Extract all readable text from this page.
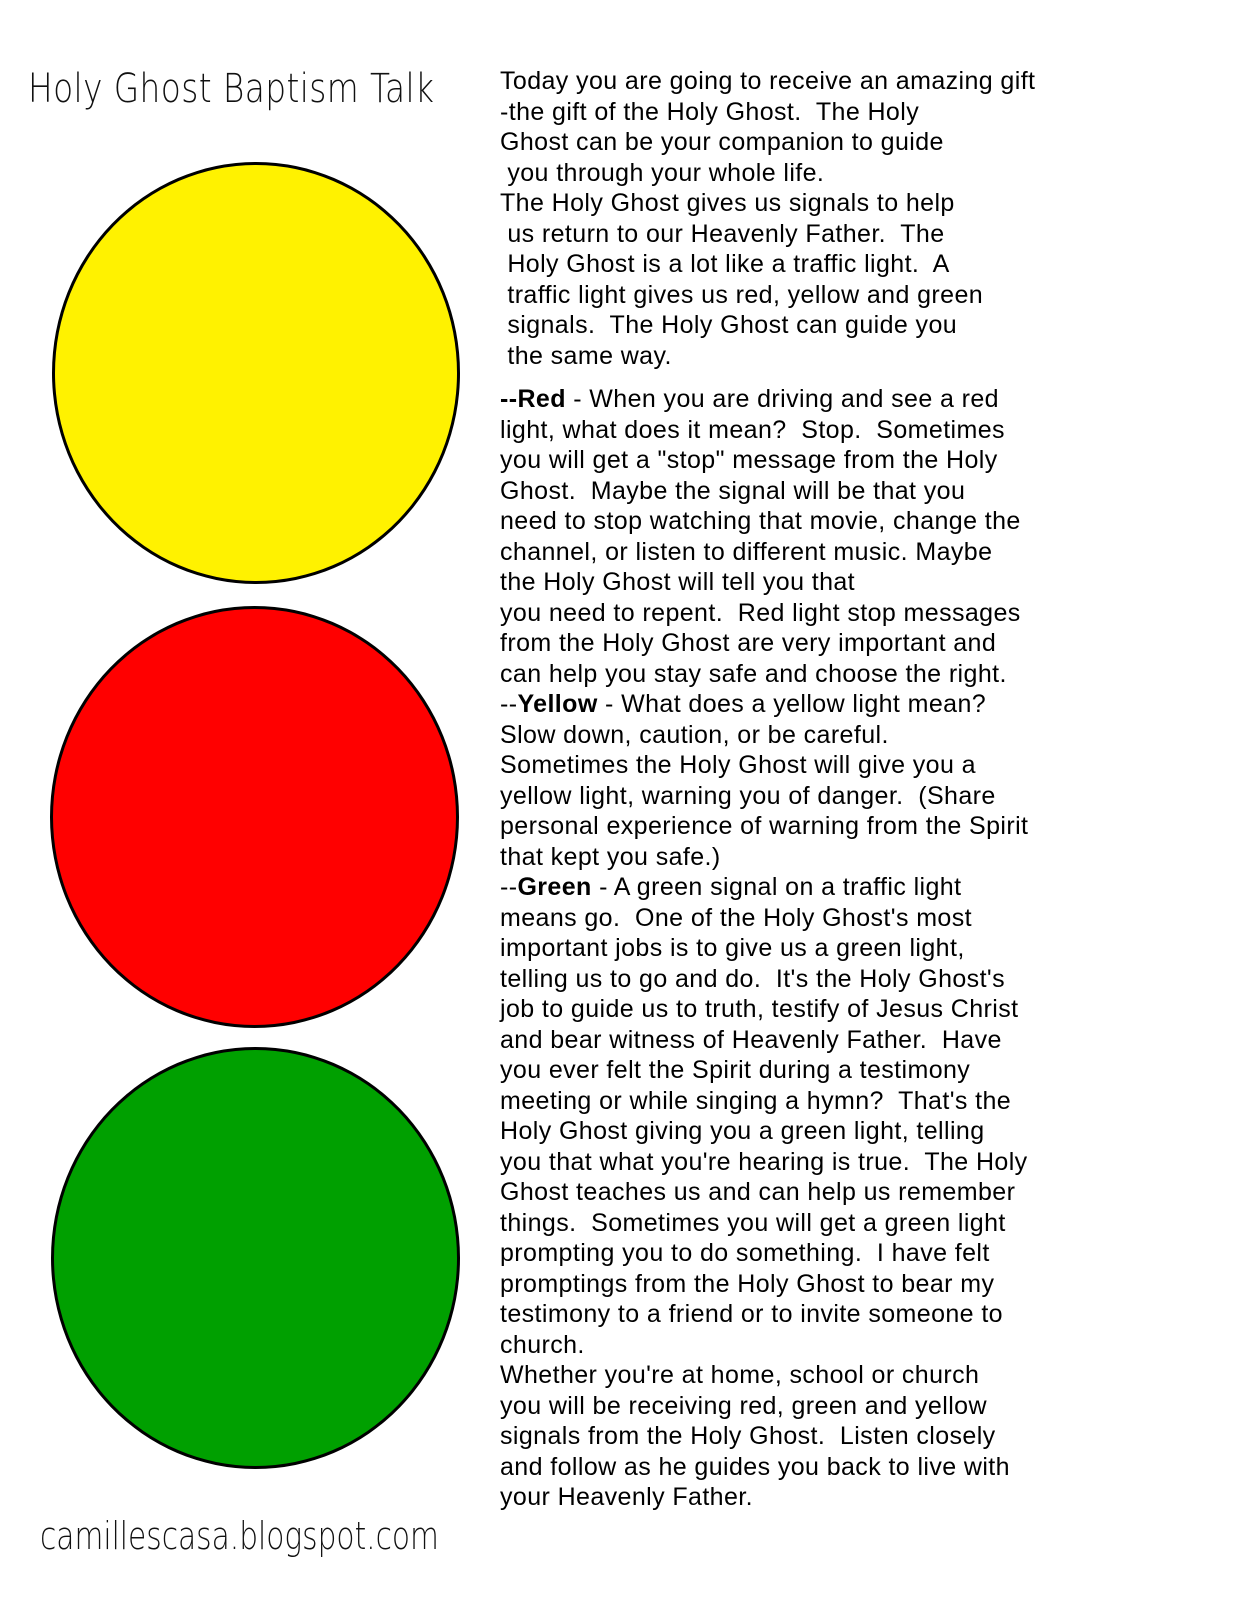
Holy Ghost Baptism Talk	Today you are going to receive an amazing gift
-the gift of the Holy Ghost.  The Holy
Ghost can be your companion to guide
you through your whole life.
The Holy Ghost gives us signals to help
us return to our Heavenly Father.  The
Holy Ghost is a lot like a traffic light.  A
traffic light gives us red, yellow and green
signals.  The Holy Ghost can guide you
the same way.
--Red - When you are driving and see a red
light, what does it mean?  Stop.  Sometimes
you will get a "stop" message from the Holy
Ghost.  Maybe the signal will be that you
need to stop watching that movie, change the
channel, or listen to different music. Maybe
the Holy Ghost will tell you that
you need to repent.  Red light stop messages
from the Holy Ghost are very important and
can help you stay safe and choose the right.
--Yellow - What does a yellow light mean?
Slow down, caution, or be careful.
Sometimes the Holy Ghost will give you a
yellow light, warning you of danger.  (Share
personal experience of warning from the Spirit
that kept you safe.)
--Green - A green signal on a traffic light
means go.  One of the Holy Ghost's most
important jobs is to give us a green light,
telling us to go and do.  It's the Holy Ghost's
job to guide us to truth, testify of Jesus Christ
and bear witness of Heavenly Father.  Have
you ever felt the Spirit during a testimony
meeting or while singing a hymn?  That's the
Holy Ghost giving you a green light, telling
you that what you're hearing is true.  The Holy
Ghost teaches us and can help us remember
things.  Sometimes you will get a green light
prompting you to do something.  I have felt
promptings from the Holy Ghost to bear my
testimony to a friend or to invite someone to
church.
Whether you're at home, school or church
you will be receiving red, green and yellow
signals from the Holy Ghost.  Listen closely
and follow as he guides you back to live with
your Heavenly Father.
camillescasa.blogspot.com
